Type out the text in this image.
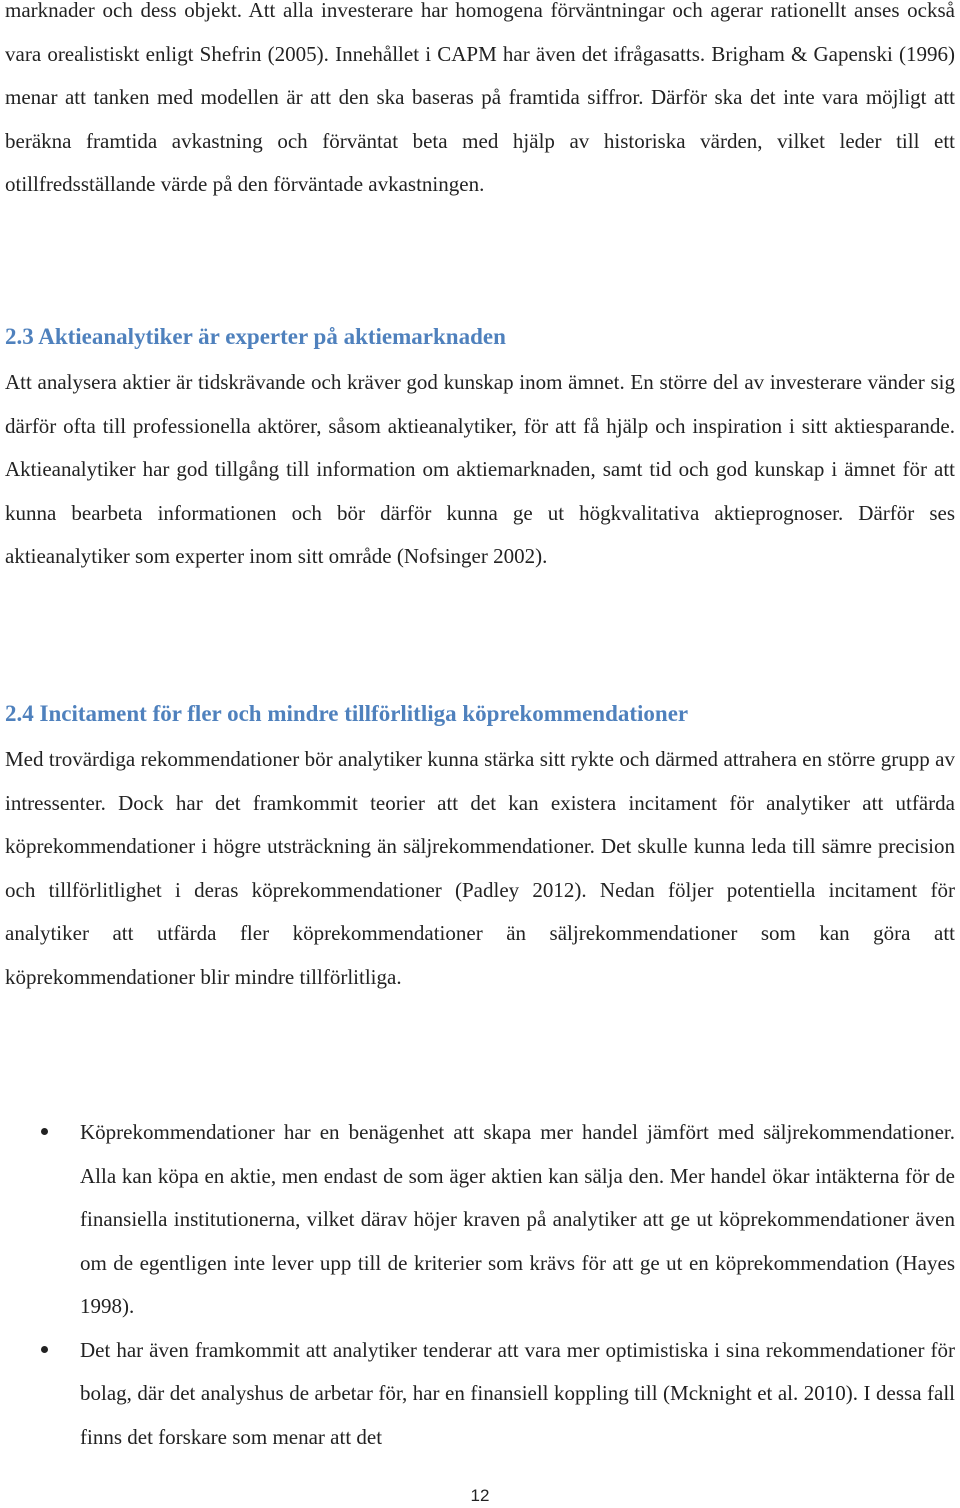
marknader och dess objekt. Att alla investerare har homogena förväntningar och agerar rationellt anses också vara orealistiskt enligt Shefrin (2005). Innehållet i CAPM har även det ifrågasatts. Brigham & Gapenski (1996) menar att tanken med modellen är att den ska baseras på framtida siffror. Därför ska det inte vara möjligt att beräkna framtida avkastning och förväntat beta med hjälp av historiska värden, vilket leder till ett otillfredsställande värde på den förväntade avkastningen.

2.3 Aktieanalytiker är experter på aktiemarknaden

Att analysera aktier är tidskrävande och kräver god kunskap inom ämnet. En större del av investerare vänder sig därför ofta till professionella aktörer, såsom aktieanalytiker, för att få hjälp och inspiration i sitt aktiesparande. Aktieanalytiker har god tillgång till information om aktiemarknaden, samt tid och god kunskap i ämnet för att kunna bearbeta informationen och bör därför kunna ge ut högkvalitativa aktieprognoser. Därför ses aktieanalytiker som experter inom sitt område (Nofsinger 2002).

2.4 Incitament för fler och mindre tillförlitliga köprekommendationer

Med trovärdiga rekommendationer bör analytiker kunna stärka sitt rykte och därmed attrahera en större grupp av intressenter. Dock har det framkommit teorier att det kan existera incitament för analytiker att utfärda köprekommendationer i högre utsträckning än säljrekommendationer. Det skulle kunna leda till sämre precision och tillförlitlighet i deras köprekommendationer (Padley 2012). Nedan följer potentiella incitament för analytiker att utfärda fler köprekommendationer än säljrekommendationer som kan göra att köprekommendationer blir mindre tillförlitliga.

Köprekommendationer har en benägenhet att skapa mer handel jämfört med säljrekommendationer. Alla kan köpa en aktie, men endast de som äger aktien kan sälja den. Mer handel ökar intäkterna för de finansiella institutionerna, vilket därav höjer kraven på analytiker att ge ut köprekommendationer även om de egentligen inte lever upp till de kriterier som krävs för att ge ut en köprekommendation (Hayes 1998).
Det har även framkommit att analytiker tenderar att vara mer optimistiska i sina rekommendationer för bolag, där det analyshus de arbetar för, har en finansiell koppling till (Mcknight et al. 2010). I dessa fall finns det forskare som menar att det
12
